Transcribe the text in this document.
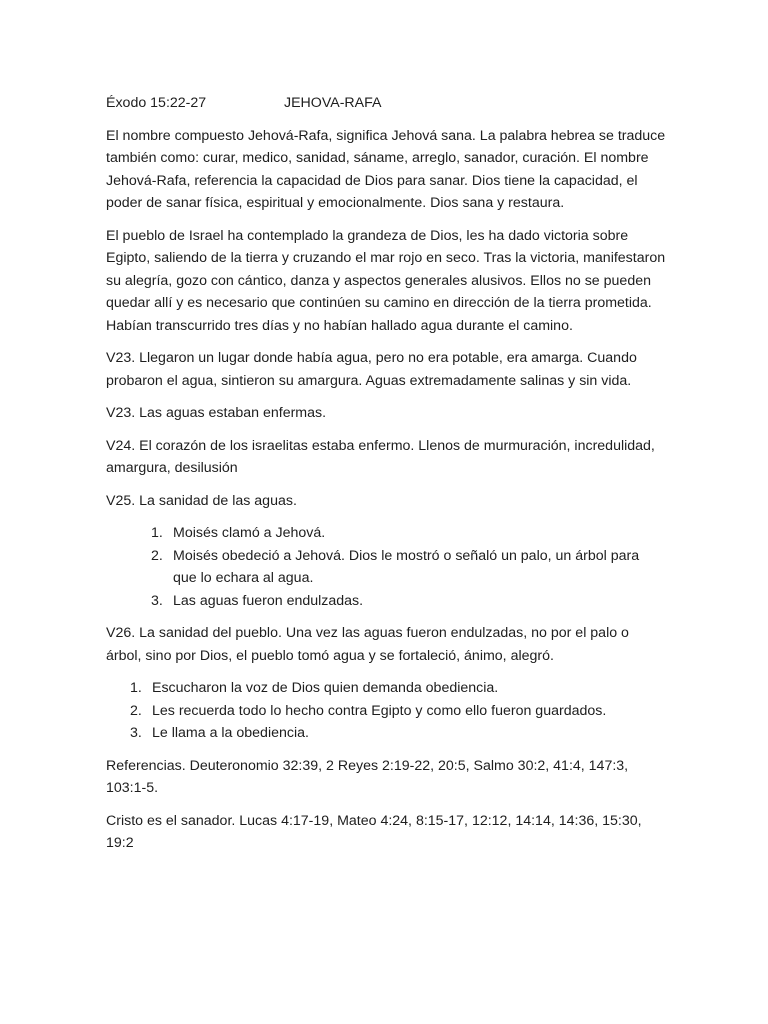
Éxodo 15:22-27	JEHOVA-RAFA

El nombre compuesto Jehová-Rafa, significa Jehová sana. La palabra hebrea se traduce también como: curar, medico, sanidad, sáname, arreglo, sanador, curación. El nombre Jehová-Rafa, referencia la capacidad de Dios para sanar. Dios tiene la capacidad, el poder de sanar física, espiritual y emocionalmente. Dios sana y restaura.

El pueblo de Israel ha contemplado la grandeza de Dios, les ha dado victoria sobre Egipto, saliendo de la tierra y cruzando el mar rojo en seco. Tras la victoria, manifestaron su alegría, gozo con cántico, danza y aspectos generales alusivos. Ellos no se pueden quedar allí y es necesario que continúen su camino en dirección de la tierra prometida. Habían transcurrido tres días y no habían hallado agua durante el camino.

V23. Llegaron un lugar donde había agua, pero no era potable, era amarga. Cuando probaron el agua, sintieron su amargura. Aguas extremadamente salinas y sin vida.

V23. Las aguas estaban enfermas.

V24. El corazón de los israelitas estaba enfermo. Llenos de murmuración, incredulidad, amargura, desilusión

V25. La sanidad de las aguas.

1. Moisés clamó a Jehová.
2. Moisés obedeció a Jehová. Dios le mostró o señaló un palo, un árbol para que lo echara al agua.
3. Las aguas fueron endulzadas.

V26. La sanidad del pueblo. Una vez las aguas fueron endulzadas, no por el palo o árbol, sino por Dios, el pueblo tomó agua y se fortaleció, ánimo, alegró.

1. Escucharon la voz de Dios quien demanda obediencia.
2. Les recuerda todo lo hecho contra Egipto y como ello fueron guardados.
3. Le llama a la obediencia.

Referencias. Deuteronomio 32:39, 2 Reyes 2:19-22, 20:5, Salmo 30:2, 41:4, 147:3, 103:1-5.

Cristo es el sanador. Lucas 4:17-19, Mateo 4:24, 8:15-17, 12:12, 14:14, 14:36, 15:30, 19:2
